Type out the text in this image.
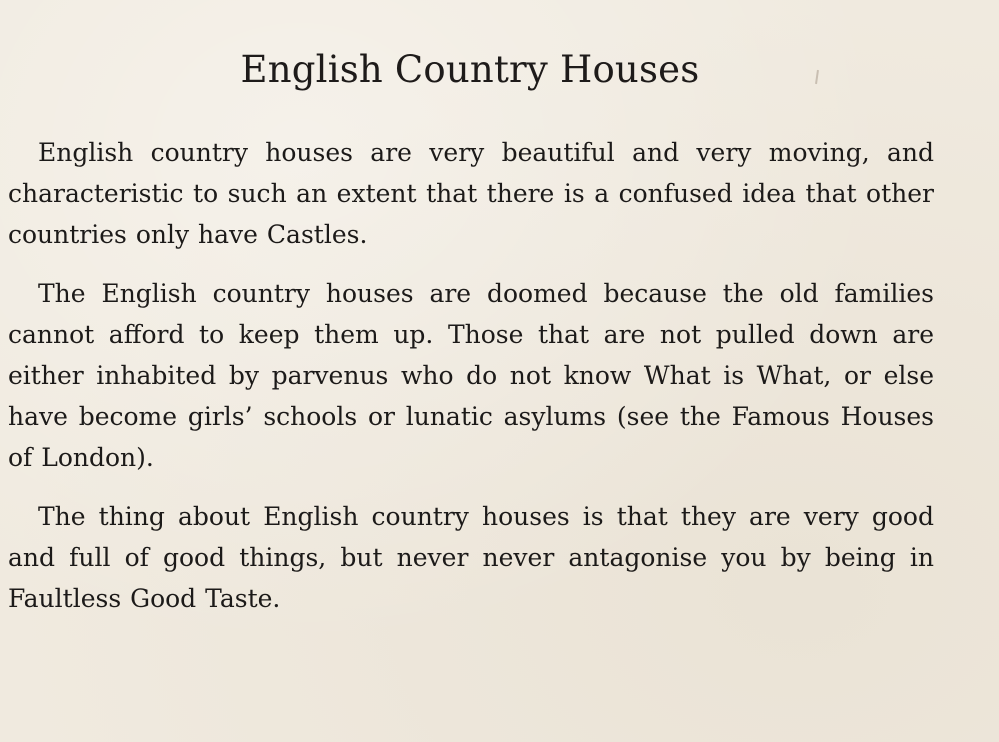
English Country Houses

English country houses are very beautiful and very moving, and characteristic to such an extent that there is a confused idea that other countries only have Castles.

The English country houses are doomed because the old families cannot afford to keep them up. Those that are not pulled down are either inhabited by parvenus who do not know What is What, or else have become girls’ schools or lunatic asylums (see the Famous Houses of London).

The thing about English country houses is that they are very good and full of good things, but never never antagonise you by being in Faultless Good Taste.
